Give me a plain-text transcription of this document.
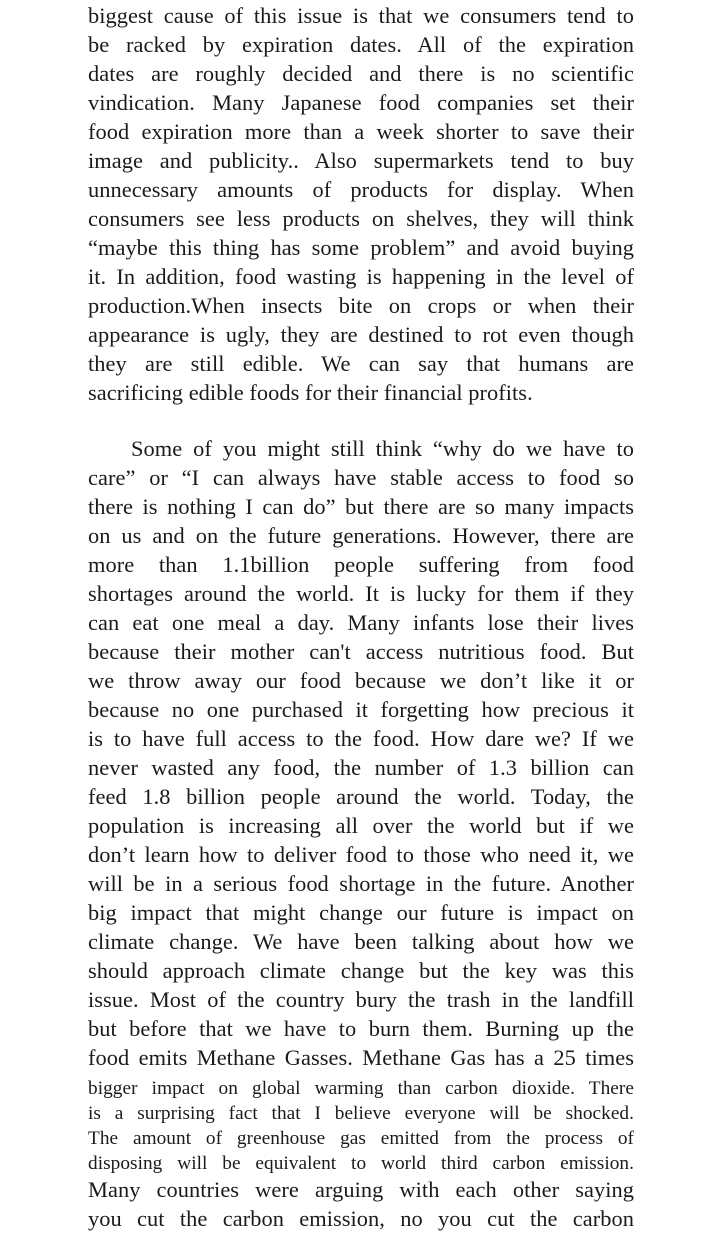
biggest cause of this issue is that we consumers tend to
be racked by expiration dates. All of the expiration
dates are roughly decided and there is no scientific
vindication. Many Japanese food companies set their
food expiration more than a week shorter to save their
image and publicity.. Also supermarkets tend to buy
unnecessary amounts of products for display. When
consumers see less products on shelves, they will think
“maybe this thing has some problem” and avoid buying
it. In addition, food wasting is happening in the level of
production.When insects bite on crops or when their
appearance is ugly, they are destined to rot even though
they are still edible. We can say that humans are
sacrificing edible foods for their financial profits.
Some of you might still think “why do we have to
care” or “I can always have stable access to food so
there is nothing I can do” but there are so many impacts
on us and on the future generations. However, there are
more than 1.1billion people suffering from food
shortages around the world. It is lucky for them if they
can eat one meal a day. Many infants lose their lives
because their mother can't access nutritious food. But
we throw away our food because we don’t like it or
because no one purchased it forgetting how precious it
is to have full access to the food. How dare we? If we
never wasted any food, the number of 1.3 billion can
feed 1.8 billion people around the world. Today, the
population is increasing all over the world but if we
don’t learn how to deliver food to those who need it, we
will be in a serious food shortage in the future. Another
big impact that might change our future is impact on
climate change. We have been talking about how we
should approach climate change but the key was this
issue. Most of the country bury the trash in the landfill
but before that we have to burn them. Burning up the
food emits Methane Gasses. Methane Gas has a 25 times
bigger impact on global warming than carbon dioxide. There
is a surprising fact that I believe everyone will be shocked.
The amount of greenhouse gas emitted from the process of
disposing will be equivalent to world third carbon emission.
Many countries were arguing with each other saying
you cut the carbon emission, no you cut the carbon
